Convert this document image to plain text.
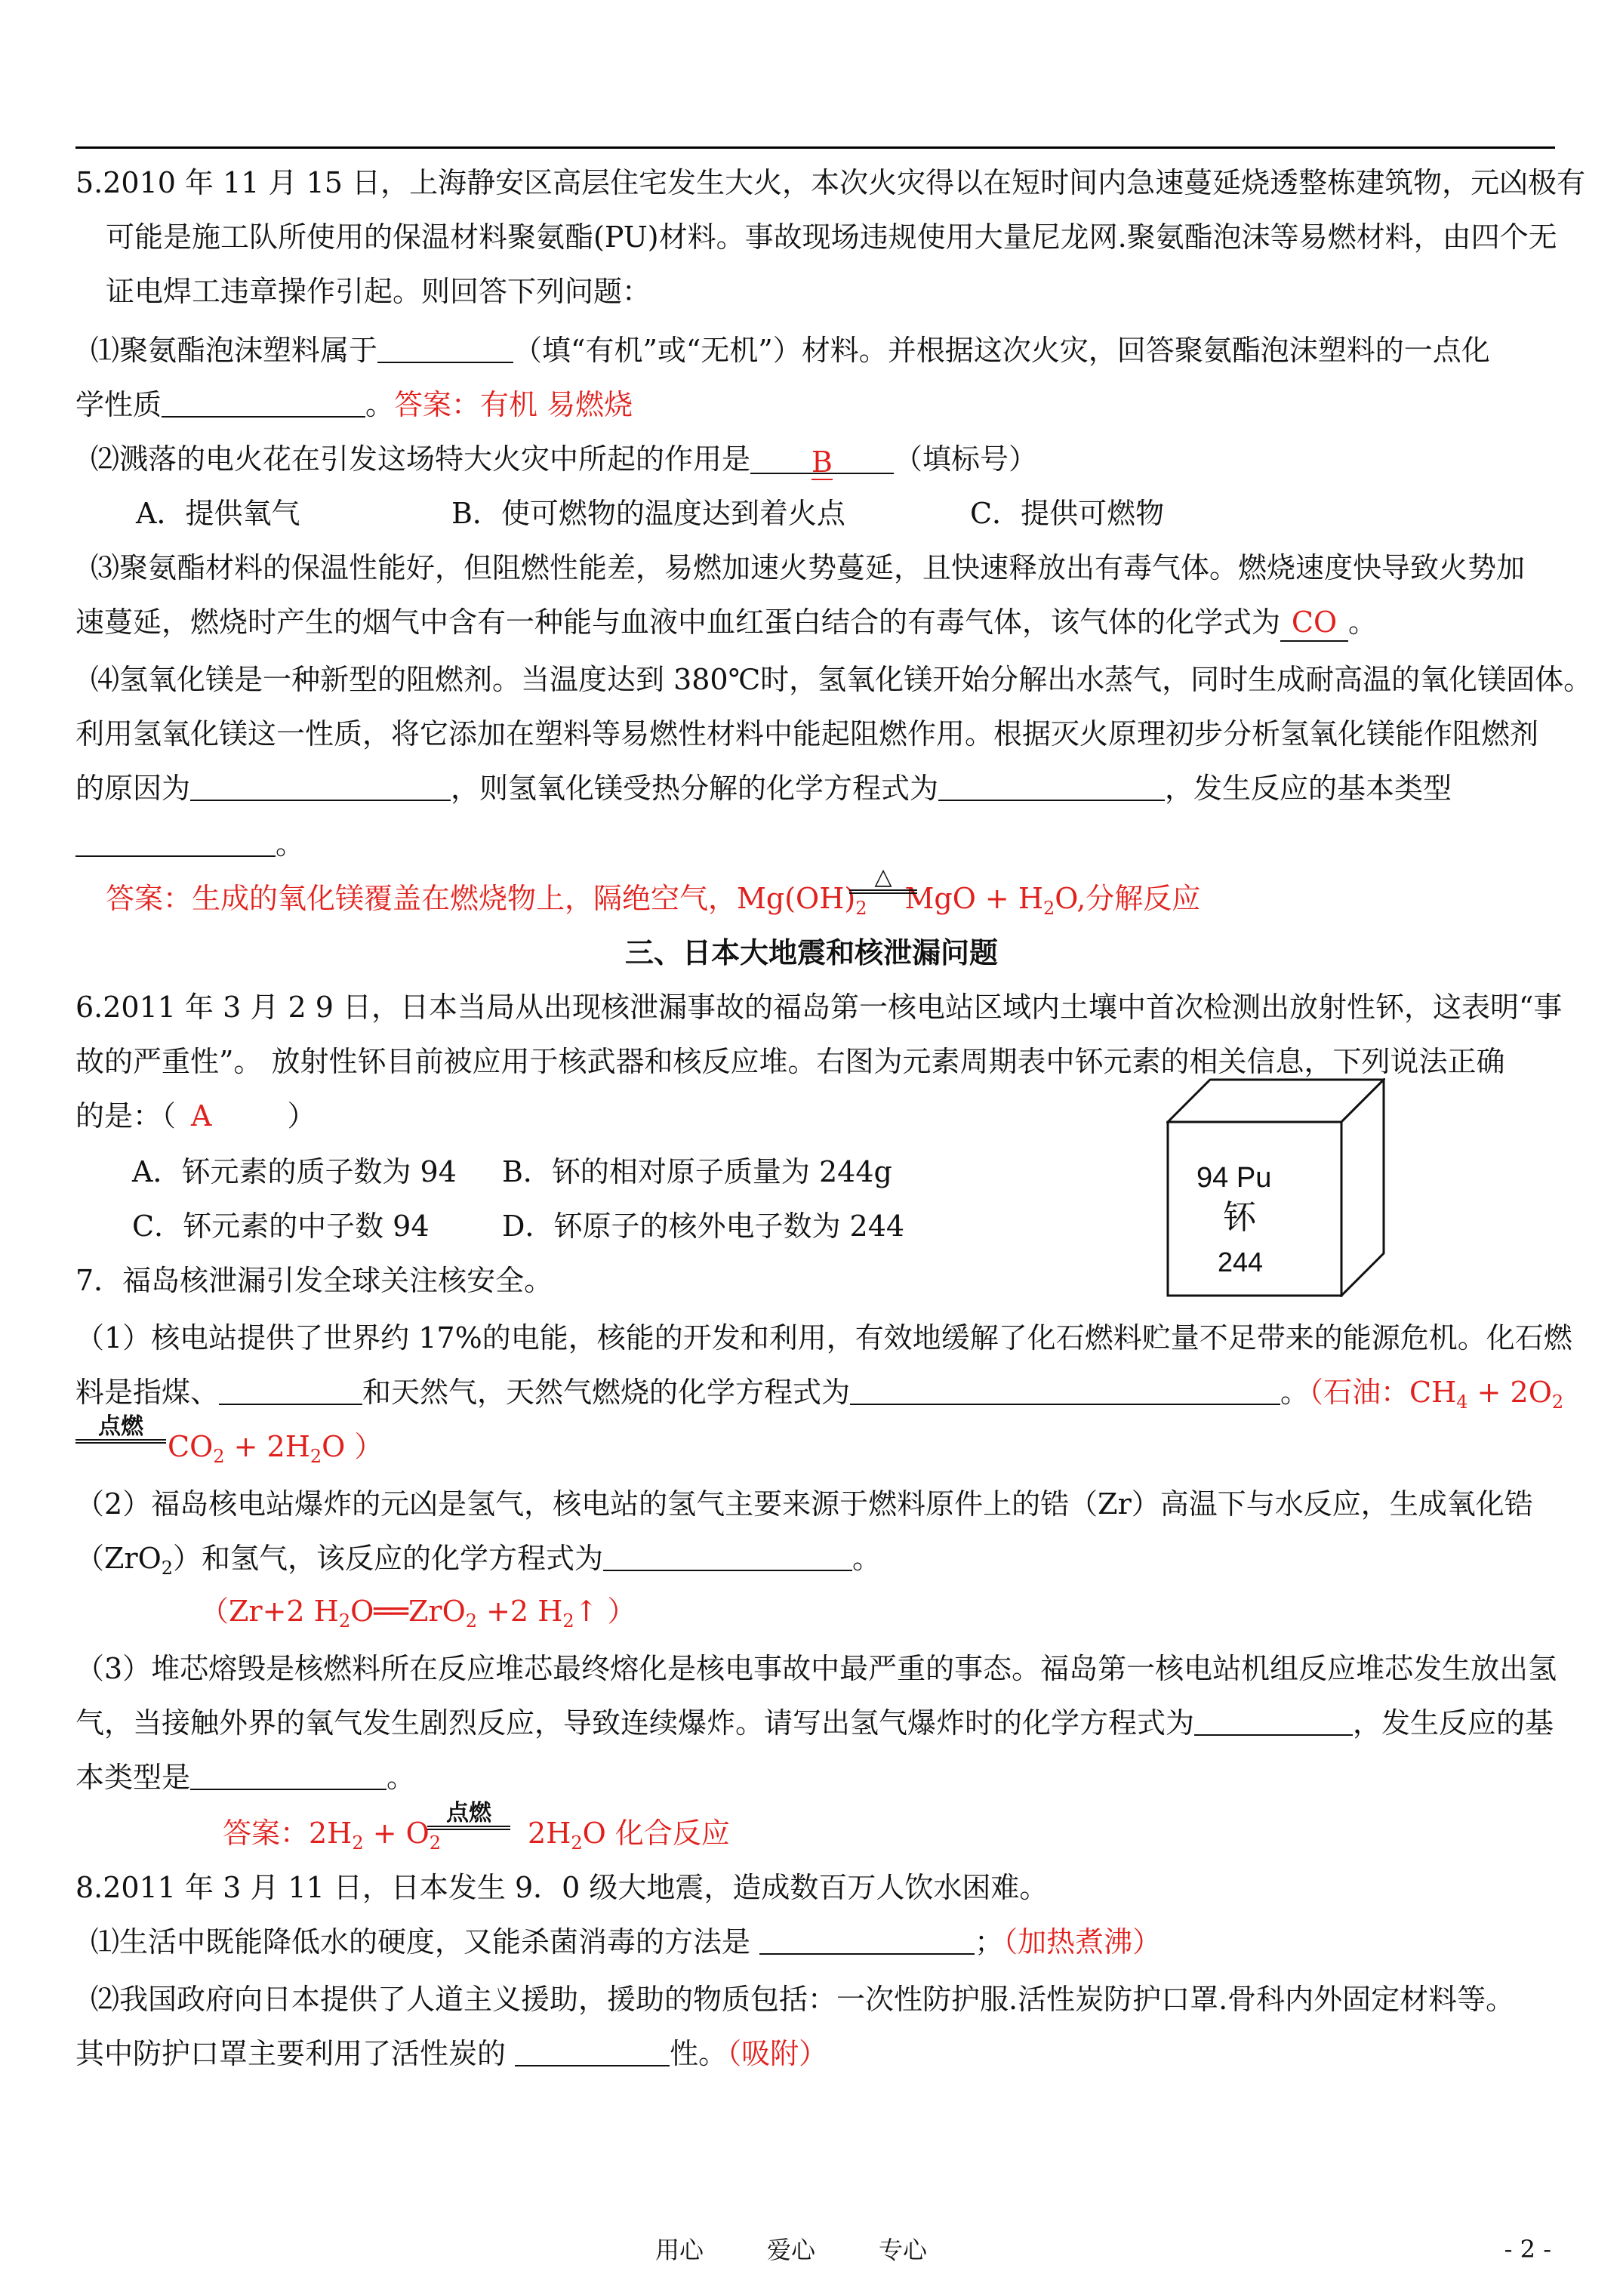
5.2010 年 11 月 15 日，上海静安区高层住宅发生大火，本次火灾得以在短时间内急速蔓延烧透整栋建筑物，元凶极有
可能是施工队所使用的保温材料聚氨酯(PU)材料。事故现场违规使用大量尼龙网.聚氨酯泡沫等易燃材料，由四个无
证电焊工违章操作引起。则回答下列问题：
⑴聚氨酯泡沫塑料属于	（填“有机”或“无机”）材料。并根据这次火灾，回答聚氨酯泡沫塑料的一点化
学性质	。答案：有机 易燃烧
⑵溅落的电火花在引发这场特大火灾中所起的作用是 B （填标号）
A．提供氧气	B．使可燃物的温度达到着火点	C．提供可燃物
⑶聚氨酯材料的保温性能好，但阻燃性能差，易燃加速火势蔓延，且快速释放出有毒气体。燃烧速度快导致火势加
速蔓延，燃烧时产生的烟气中含有一种能与血液中血红蛋白结合的有毒气体，该气体的化学式为 CO 。
⑷氢氧化镁是一种新型的阻燃剂。当温度达到 380℃时，氢氧化镁开始分解出水蒸气，同时生成耐高温的氧化镁固体。
利用氢氧化镁这一性质，将它添加在塑料等易燃性材料中能起阻燃作用。根据灭火原理初步分析氢氧化镁能作阻燃剂
的原因为	，则氢氧化镁受热分解的化学方程式为	，发生反应的基本类型
。
答案：生成的氧化镁覆盖在燃烧物上，隔绝空气，$Mg(OH)_2$ MgO + $H_2O$,分解反应
△
三、日本大地震和核泄漏问题
6.2011 年 3 月 2 9 日，日本当局从出现核泄漏事故的福岛第一核电站区域内土壤中首次检测出放射性钚，这表明“事
故的严重性”。 放射性钚目前被应用于核武器和核反应堆。右图为元素周期表中钚元素的相关信息，下列说法正确
的是：（ A	）
A．钚元素的质子数为 94 B．钚的相对原子质量为 244g
C．钚元素的中子数 94	D．钚原子的核外电子数为 244
94 Pu
钚
244
7．福岛核泄漏引发全球关注核安全。
（1）核电站提供了世界约 17%的电能，核能的开发和利用，有效地缓解了化石燃料贮量不足带来的能源危机。化石燃
料是指煤、	和天然气，天然气燃烧的化学方程式为	。（石油：$CH_4 + 2O_2$
点燃
$CO_2 + 2H_2O$ ）
（2）福岛核电站爆炸的元凶是氢气，核电站的氢气主要来源于燃料原件上的锆（Zr）高温下与水反应，生成氧化锆
（ZrO$_2$）和氢气，该反应的化学方程式为	。
（Zr+2 $H_2O══ZrO_2 +2$ $H_2↑$ ）
（3）堆芯熔毁是核燃料所在反应堆芯最终熔化是核电事故中最严重的事态。福岛第一核电站机组反应堆芯发生放出氢
气，当接触外界的氧气发生剧烈反应，导致连续爆炸。请写出氢气爆炸时的化学方程式为	，发生反应的基
本类型是	。
答案：$2H_2 + O_2$	$2H_2O$ 化合反应
点燃
8.2011 年 3 月 11 日，日本发生 9．0 级大地震，造成数百万人饮水困难。
⑴生活中既能降低水的硬度，又能杀菌消毒的方法是	；（加热煮沸）
⑵我国政府向日本提供了人道主义援助，援助的物质包括：一次性防护服.活性炭防护口罩.骨科内外固定材料等。
其中防护口罩主要利用了活性炭的	性。（吸附）
用心	爱心	专心	- 2 -
